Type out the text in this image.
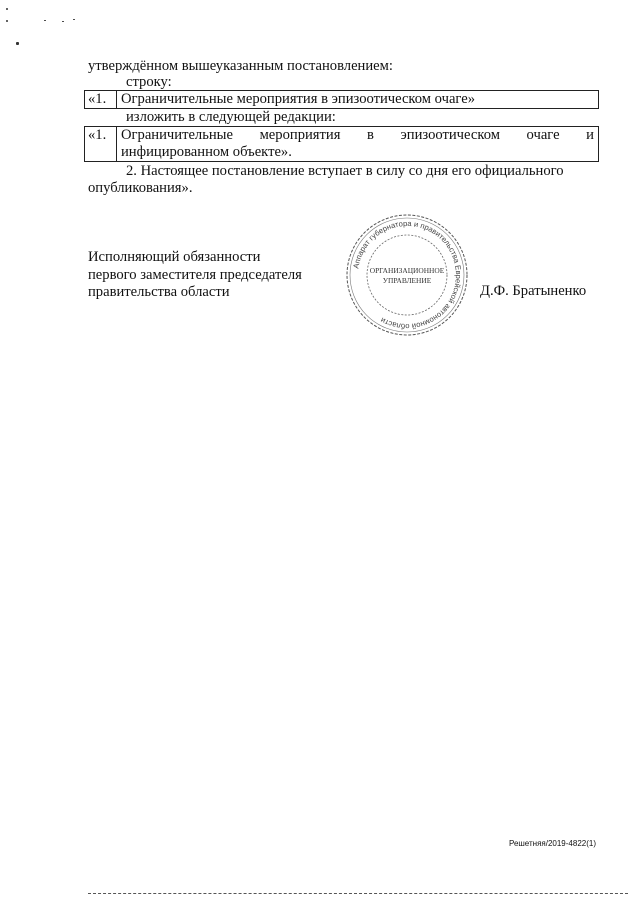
утверждённом вышеуказанным постановлением:
строку:
«1.	Ограничительные мероприятия в эпизоотическом очаге»
изложить в следующей редакции:
«1.	Ограничительные мероприятия в эпизоотическом очаге и
инфицированном объекте».
2. Настоящее постановление вступает в силу со дня его официального
опубликования».
Исполняющий обязанности
первого заместителя председателя
правительства области
Аппарат губернатора и правительства Еврейской автономной области
ОРГАНИЗАЦИОННОЕ
УПРАВЛЕНИЕ
Д.Ф. Братыненко
Решетняя/2019-4822(1)
